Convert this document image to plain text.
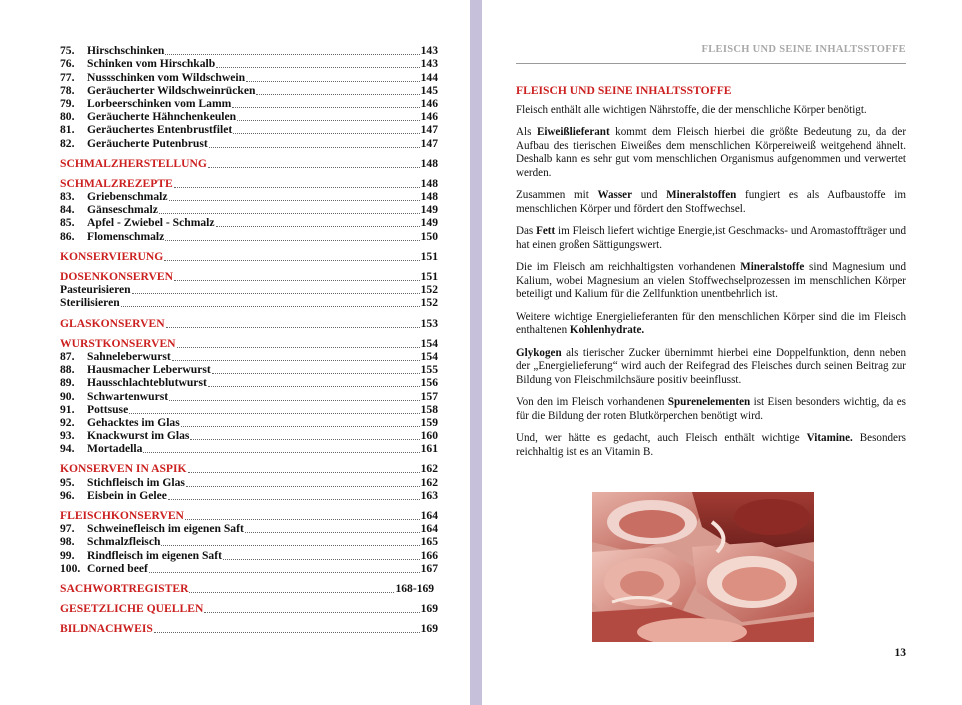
75.	Hirschschinken	143
76.	Schinken vom Hirschkalb	143
77.	Nussschinken vom Wildschwein	144
78.	Geräucherter Wildschweinrücken	145
79.	Lorbeerschinken vom Lamm	146
80.	Geräucherte Hähnchenkeulen	146
81.	Geräuchertes Entenbrustfilet	147
82.	Geräucherte Putenbrust	147
SCHMALZHERSTELLUNG	148
SCHMALZREZEPTE	148
83.	Griebenschmalz	148
84.	Gänseschmalz	149
85.	Apfel - Zwiebel - Schmalz	149
86.	Flomenschmalz	150
KONSERVIERUNG	151
DOSENKONSERVEN	151
Pasteurisieren	152
Sterilisieren	152
GLASKONSERVEN	153
WURSTKONSERVEN	154
87.	Sahneleberwurst	154
88.	Hausmacher Leberwurst	155
89.	Hausschlachteblutwurst	156
90.	Schwartenwurst	157
91.	Pottsuse	158
92.	Gehacktes im Glas	159
93.	Knackwurst im Glas	160
94.	Mortadella	161
KONSERVEN IN ASPIK	162
95.	Stichfleisch im Glas	162
96.	Eisbein in Gelee	163
FLEISCHKONSERVEN	164
97.	Schweinefleisch im eigenen Saft	164
98.	Schmalzfleisch	165
99.	Rindfleisch im eigenen Saft	166
100. Corned beef	167
SACHWORTREGISTER	168-169
GESETZLICHE QUELLEN	169
BILDNACHWEIS	169
FLEISCH UND SEINE INHALTSSTOFFE
FLEISCH UND SEINE INHALTSSTOFFE

Fleisch enthält alle wichtigen Nährstoffe, die der menschliche Körper benötigt.

Als Eiweißlieferant kommt dem Fleisch hierbei die größte Bedeutung zu, da der Aufbau des tierischen Eiweißes dem menschlichen Körpereiweiß weitgehend ähnelt. Deshalb kann es sehr gut vom menschlichen Organismus aufgenommen und verwertet werden.

Zusammen mit Wasser und Mineralstoffen fungiert es als Aufbaustoffe im menschlichen Körper und fördert den Stoffwechsel.

Das Fett im Fleisch liefert wichtige Energie,ist Geschmacks- und Aromastoffträger und hat einen großen Sättigungswert.

Die im Fleisch am reichhaltigsten vorhandenen Mineralstoffe sind Magnesium und Kalium, wobei Magnesium an vielen Stoffwechselprozessen im menschlichen Körper beteiligt und Kalium für die Zellfunktion unentbehrlich ist.

Weitere wichtige Energielieferanten für den menschlichen Körper sind die im Fleisch enthaltenen Kohlenhydrate.

Glykogen als tierischer Zucker übernimmt hierbei eine Doppelfunktion, denn neben der „Energielieferung“ wird auch der Reifegrad des Fleisches durch seinen Beitrag zur Bildung von Fleischmilchsäure positiv beeinflusst.

Von den im Fleisch vorhandenen Spurenelementen ist Eisen besonders wichtig, da es für die Bildung der roten Blutkörperchen benötigt wird.

Und, wer hätte es gedacht, auch Fleisch enthält wichtige Vitamine. Besonders reichhaltig ist es an Vitamin B.

13
